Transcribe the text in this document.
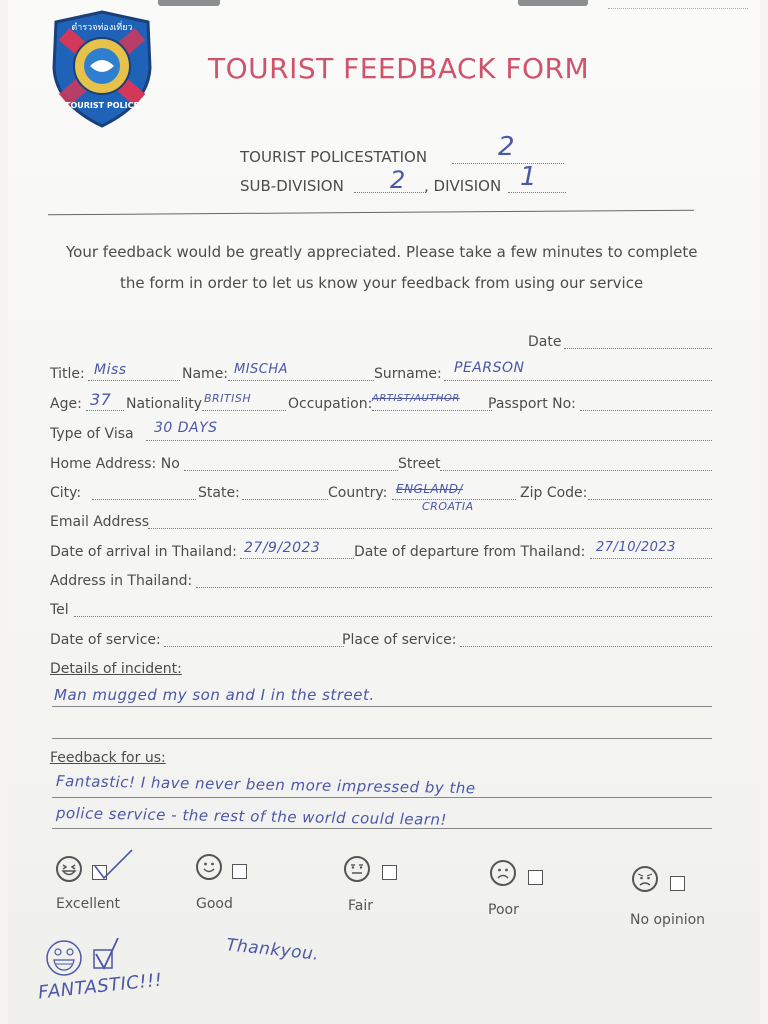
ตำรวจท่องเที่ยว
TOURIST POLICE
TOURIST FEEDBACK FORM
TOURIST POLICESTATION	2
SUB-DIVISION 2 , DIVISION 1
Your feedback would be greatly appreciated. Please take a few minutes to complete
the form in order to let us know your feedback from using our service
Date
Title: Miss	Name: MISCHA	Surname: PEARSON
Age: 37 Nationality BRITISH	Occupation: ARTIST/AUTHOR Passport No:
Type of Visa 30 DAYS
Home Address: No	Street
City:	State:	Country: ENGLAND/
CROATIA
Zip Code:
Email Address
Date of arrival in Thailand: 27/9/2023 Date of departure from Thailand: 27/10/2023
Address in Thailand:
Tel
Date of service:	Place of service:
Details of incident:
Man mugged my son and I in the street.
Feedback for us:
Fantastic! I have never been more impressed by the
police service - the rest of the world could learn!
Excellent	Good	Fair	Poor
No opinion
Thankyou.
FANTASTIC!!!
